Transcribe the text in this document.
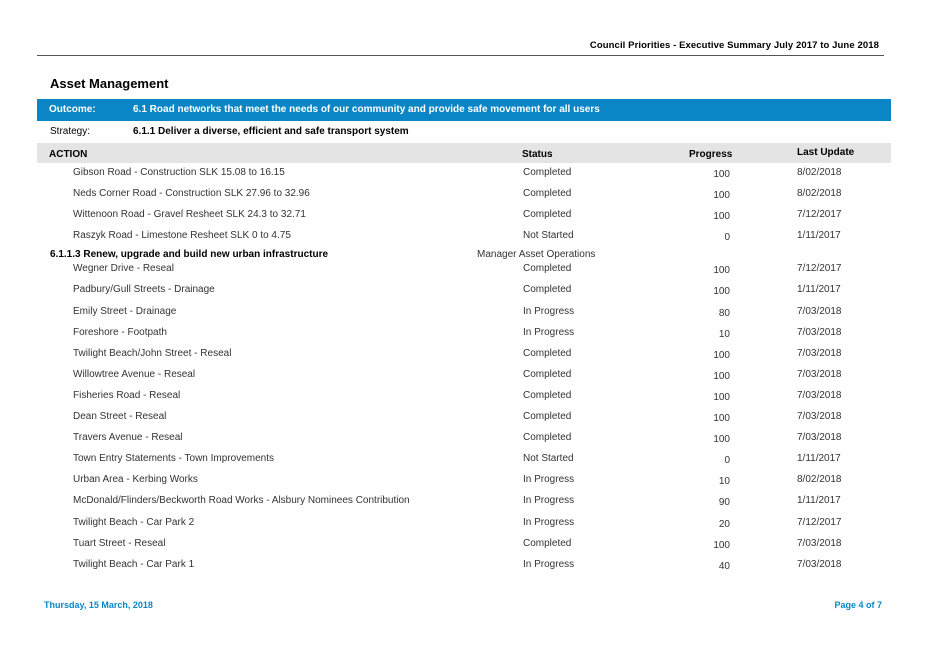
Council Priorities - Executive Summary July 2017 to June 2018
Asset Management
Outcome:	6.1 Road networks that meet the needs of our community and provide safe movement for all users
Strategy:	6.1.1 Deliver a diverse, efficient and safe transport system
ACTION	Status	Progress	Last Update
Gibson Road - Construction SLK 15.08 to 16.15	Completed	100	8/02/2018
Neds Corner Road - Construction SLK 27.96 to 32.96	Completed	100	8/02/2018
Wittenoon Road - Gravel Resheet SLK 24.3 to 32.71	Completed	100	7/12/2017
Raszyk Road - Limestone Resheet SLK 0 to 4.75	Not Started	0	1/11/2017
6.1.1.3 Renew, upgrade and build new urban infrastructure	Manager Asset Operations
Wegner Drive - Reseal	Completed	100	7/12/2017
Padbury/Gull Streets - Drainage	Completed	100	1/11/2017
Emily Street - Drainage	In Progress	80	7/03/2018
Foreshore - Footpath	In Progress	10	7/03/2018
Twilight Beach/John Street - Reseal	Completed	100	7/03/2018
Willowtree Avenue - Reseal	Completed	100	7/03/2018
Fisheries Road - Reseal	Completed	100	7/03/2018
Dean Street - Reseal	Completed	100	7/03/2018
Travers Avenue - Reseal	Completed	100	7/03/2018
Town Entry Statements - Town Improvements	Not Started	0	1/11/2017
Urban Area - Kerbing Works	In Progress	10	8/02/2018
McDonald/Flinders/Beckworth Road Works - Alsbury Nominees Contribution	In Progress	90	1/11/2017
Twilight Beach - Car Park 2	In Progress	20	7/12/2017
Tuart Street - Reseal	Completed	100	7/03/2018
Twilight Beach - Car Park 1	In Progress	40	7/03/2018
Thursday, 15 March, 2018	Page 4 of 7
